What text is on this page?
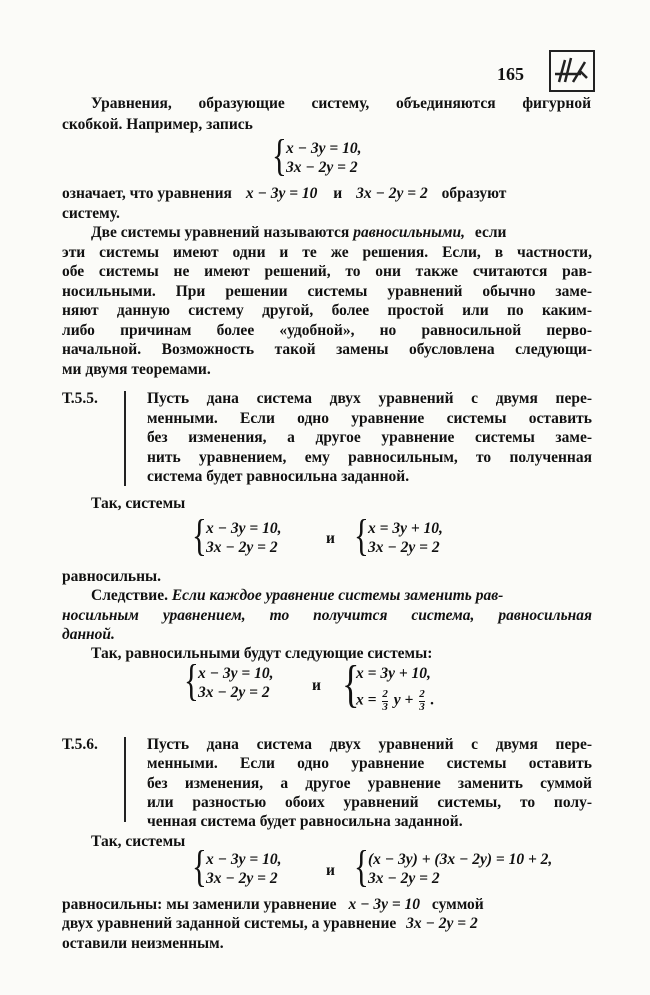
165
Уравнения, образующие систему, объединяются фигурной
скобкой. Например, запись
{ x − 3y = 10,
3x − 2y = 2
означает, что уравнения x − 3y = 10 и 3x − 2y = 2 образуют
систему.
Две системы уравнений называются равносильными, если
эти системы имеют одни и те же решения. Если, в частности,
обе системы не имеют решений, то они также считаются рав-
носильными. При решении системы уравнений обычно заме-
няют данную систему другой, более простой или по каким-
либо причинам более «удобной», но равносильной перво-
начальной. Возможность такой замены обусловлена следующи-
ми двумя теоремами.
Т.5.5.	Пусть дана система двух уравнений с двумя пере-
менными. Если одно уравнение системы оставить
без изменения, а другое уравнение системы заме-
нить уравнением, ему равносильным, то полученная
система будет равносильна заданной.
Так, системы
{ x − 3y = 10,
3x − 2y = 2
и { x = 3y + 10,
3x − 2y = 2
равносильны.
Следствие. Если каждое уравнение системы заменить рав-
носильным уравнением, то получится система, равносильная
данной.
Так, равносильными будут следующие системы:
{ x − 3y = 10,
3x − 2y = 2	и {
x = 3y + 10,
$x = \frac{2}{3}$ $y + \frac{2}{3}$ .
Т.5.6.	Пусть дана система двух уравнений с двумя пере-
менными. Если одно уравнение системы оставить
без изменения, а другое уравнение заменить суммой
или разностью обоих уравнений системы, то полу-
ченная система будет равносильна заданной.
Так, системы
{ x − 3y = 10,
3x − 2y = 2	и { (x − 3y) + (3x − 2y) = 10 + 2,
3x − 2y = 2
равносильны: мы заменили уравнение x − 3y = 10 суммой
двух уравнений заданной системы, а уравнение 3x − 2y = 2
оставили неизменным.
